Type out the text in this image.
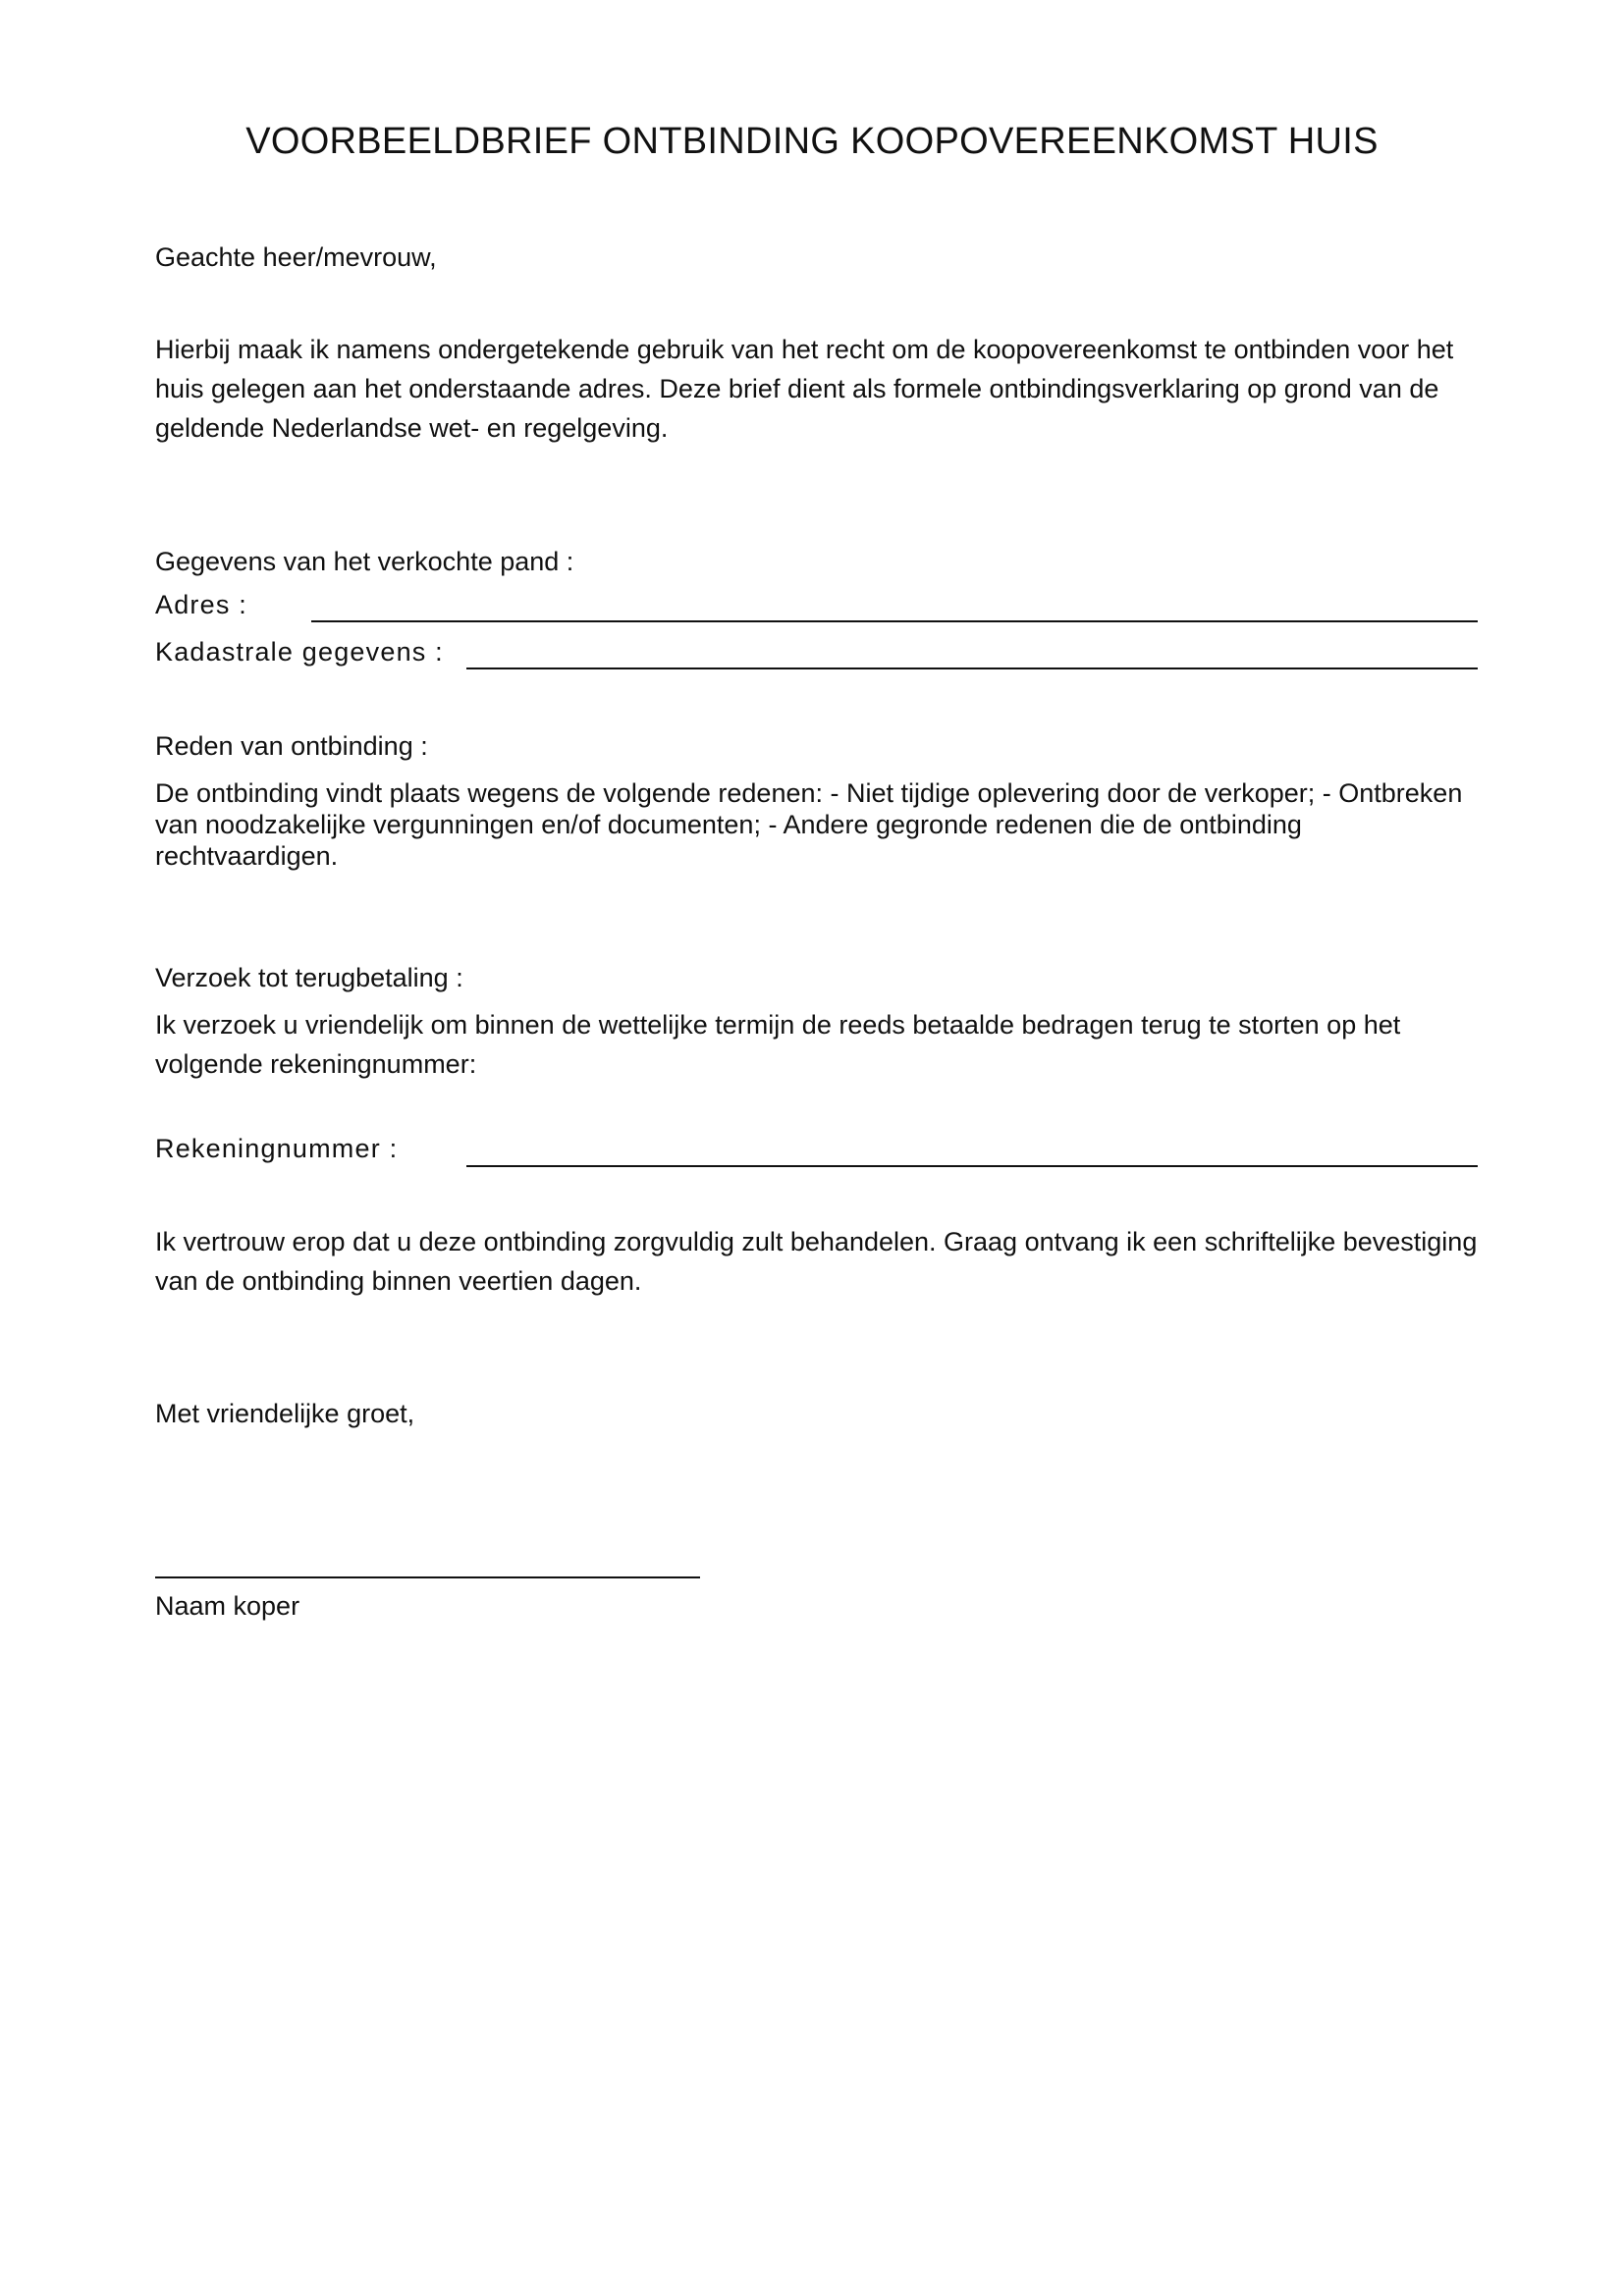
VOORBEELDBRIEF ONTBINDING KOOPOVEREENKOMST HUIS
Geachte heer/mevrouw,
Hierbij maak ik namens ondergetekende gebruik van het recht om de koopovereenkomst te ontbinden voor het huis gelegen aan het onderstaande adres. Deze brief dient als formele ontbindingsverklaring op grond van de geldende Nederlandse wet- en regelgeving.
Gegevens van het verkochte pand :
Adres :
Kadastrale gegevens :
Reden van ontbinding :
De ontbinding vindt plaats wegens de volgende redenen: - Niet tijdige oplevering door de verkoper; - Ontbreken van noodzakelijke vergunningen en/of documenten; - Andere gegronde redenen die de ontbinding rechtvaardigen.
Verzoek tot terugbetaling :
Ik verzoek u vriendelijk om binnen de wettelijke termijn de reeds betaalde bedragen terug te storten op het volgende rekeningnummer:
Rekeningnummer :
Ik vertrouw erop dat u deze ontbinding zorgvuldig zult behandelen. Graag ontvang ik een schriftelijke bevestiging van de ontbinding binnen veertien dagen.
Met vriendelijke groet,
Naam koper
